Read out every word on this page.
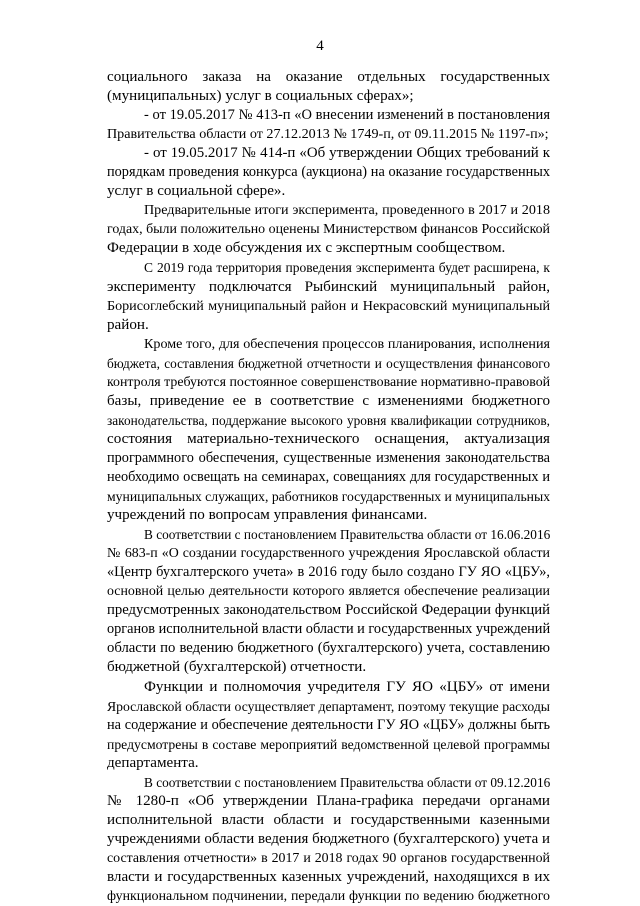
4
социального заказа на оказание отдельных государственных
(муниципальных) услуг в социальных сферах»;
- от 19.05.2017 № 413-п «О внесении изменений в постановления
Правительства области от 27.12.2013 № 1749-п, от 09.11.2015 № 1197-п»;
- от 19.05.2017 № 414-п «Об утверждении Общих требований к
порядкам проведения конкурса (аукциона) на оказание государственных
услуг в социальной сфере».
Предварительные итоги эксперимента, проведенного в 2017 и 2018
годах, были положительно оценены Министерством финансов Российской
Федерации в ходе обсуждения их с экспертным сообществом.
С 2019 года территория проведения эксперимента будет расширена, к
эксперименту подключатся Рыбинский муниципальный район,
Борисоглебский муниципальный район и Некрасовский муниципальный
район.
Кроме того, для обеспечения процессов планирования, исполнения
бюджета, составления бюджетной отчетности и осуществления финансового
контроля требуются постоянное совершенствование нормативно-правовой
базы, приведение ее в соответствие с изменениями бюджетного
законодательства, поддержание высокого уровня квалификации сотрудников,
состояния материально-технического оснащения, актуализация
программного обеспечения, существенные изменения законодательства
необходимо освещать на семинарах, совещаниях для государственных и
муниципальных служащих, работников государственных и муниципальных
учреждений по вопросам управления финансами.
В соответствии с постановлением Правительства области от 16.06.2016
№ 683-п «О создании государственного учреждения Ярославской области
«Центр бухгалтерского учета» в 2016 году было создано ГУ ЯО «ЦБУ»,
основной целью деятельности которого является обеспечение реализации
предусмотренных законодательством Российской Федерации функций
органов исполнительной власти области и государственных учреждений
области по ведению бюджетного (бухгалтерского) учета, составлению
бюджетной (бухгалтерской) отчетности.
Функции и полномочия учредителя ГУ ЯО «ЦБУ» от имени
Ярославской области осуществляет департамент, поэтому текущие расходы
на содержание и обеспечение деятельности ГУ ЯО «ЦБУ» должны быть
предусмотрены в составе мероприятий ведомственной целевой программы
департамента.
В соответствии с постановлением Правительства области от 09.12.2016
№ 1280-п «Об утверждении Плана-графика передачи органами
исполнительной власти области и государственными казенными
учреждениями области ведения бюджетного (бухгалтерского) учета и
составления отчетности» в 2017 и 2018 годах 90 органов государственной
власти и государственных казенных учреждений, находящихся в их
функциональном подчинении, передали функции по ведению бюджетного
